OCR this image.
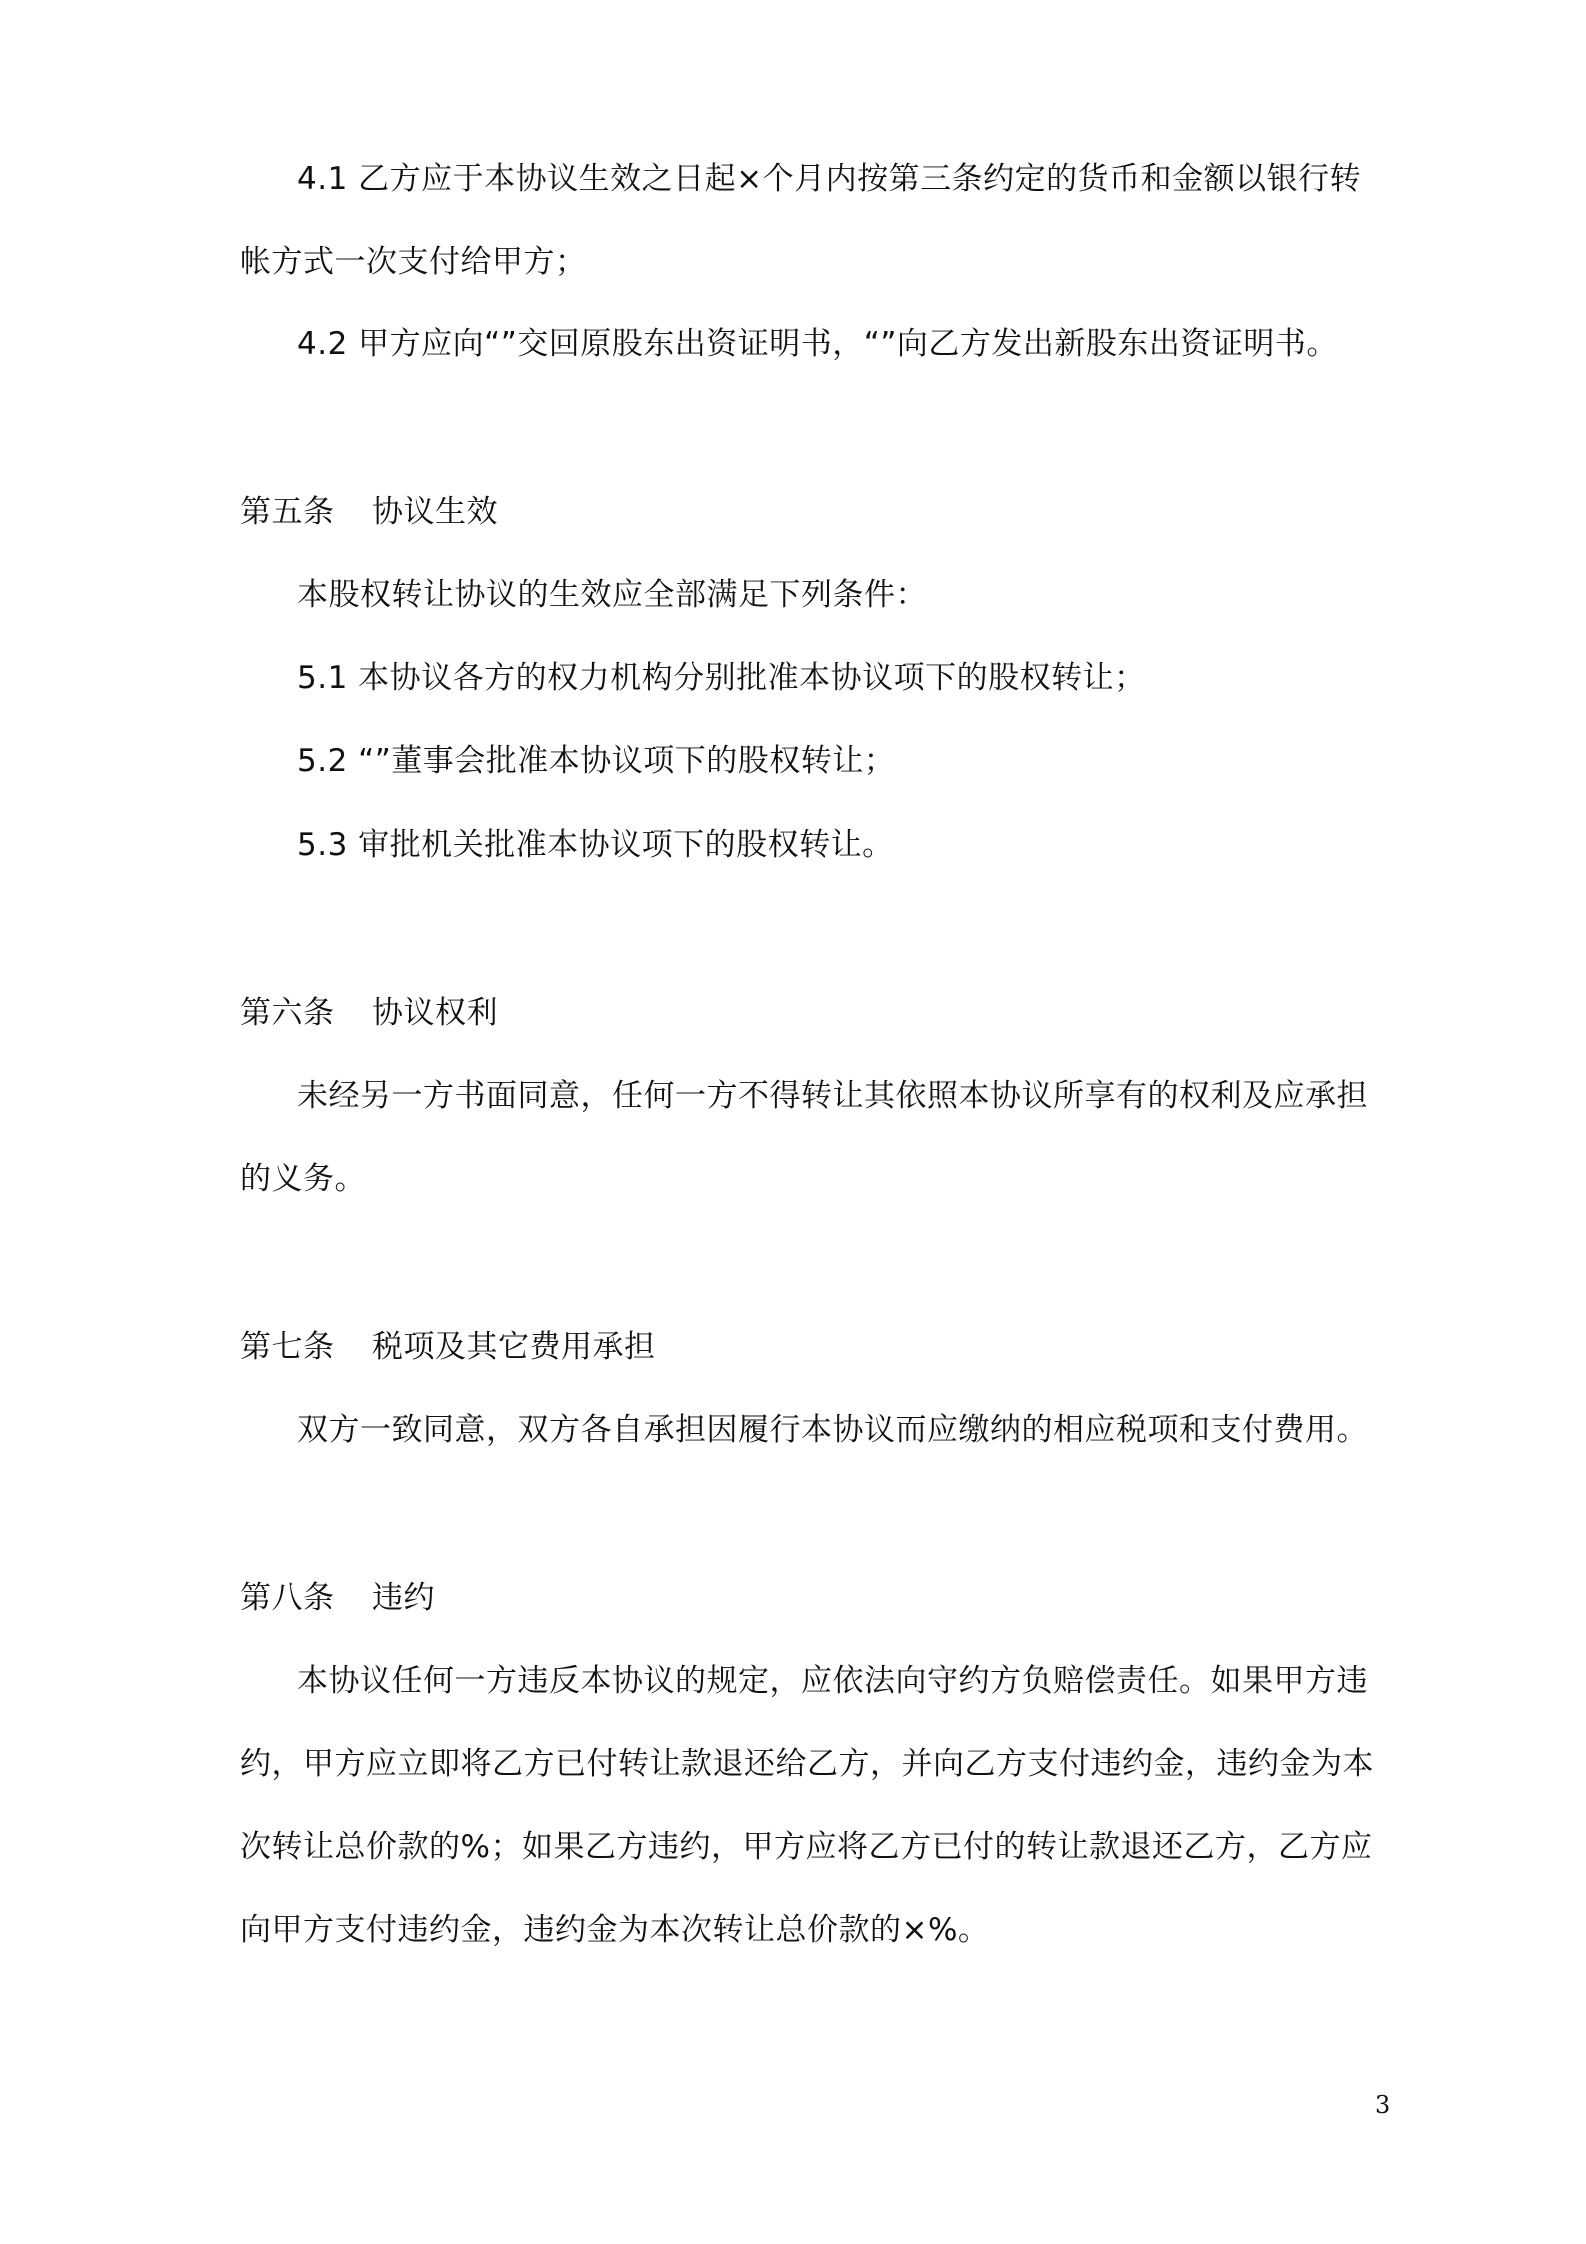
4.1 乙方应于本协议生效之日起×个月内按第三条约定的货币和金额以银行转
帐方式一次支付给甲方；
4.2 甲方应向“”交回原股东出资证明书，“”向乙方发出新股东出资证明书。
第五条 协议生效
本股权转让协议的生效应全部满足下列条件：
5.1 本协议各方的权力机构分别批准本协议项下的股权转让；
5.2 “”董事会批准本协议项下的股权转让；
5.3 审批机关批准本协议项下的股权转让。
第六条 协议权利
未经另一方书面同意，任何一方不得转让其依照本协议所享有的权利及应承担
的义务。
第七条 税项及其它费用承担
双方一致同意，双方各自承担因履行本协议而应缴纳的相应税项和支付费用。
第八条 违约
本协议任何一方违反本协议的规定，应依法向守约方负赔偿责任。如果甲方违
约，甲方应立即将乙方已付转让款退还给乙方，并向乙方支付违约金，违约金为本
次转让总价款的%；如果乙方违约，甲方应将乙方已付的转让款退还乙方，乙方应
向甲方支付违约金，违约金为本次转让总价款的×%。
3
